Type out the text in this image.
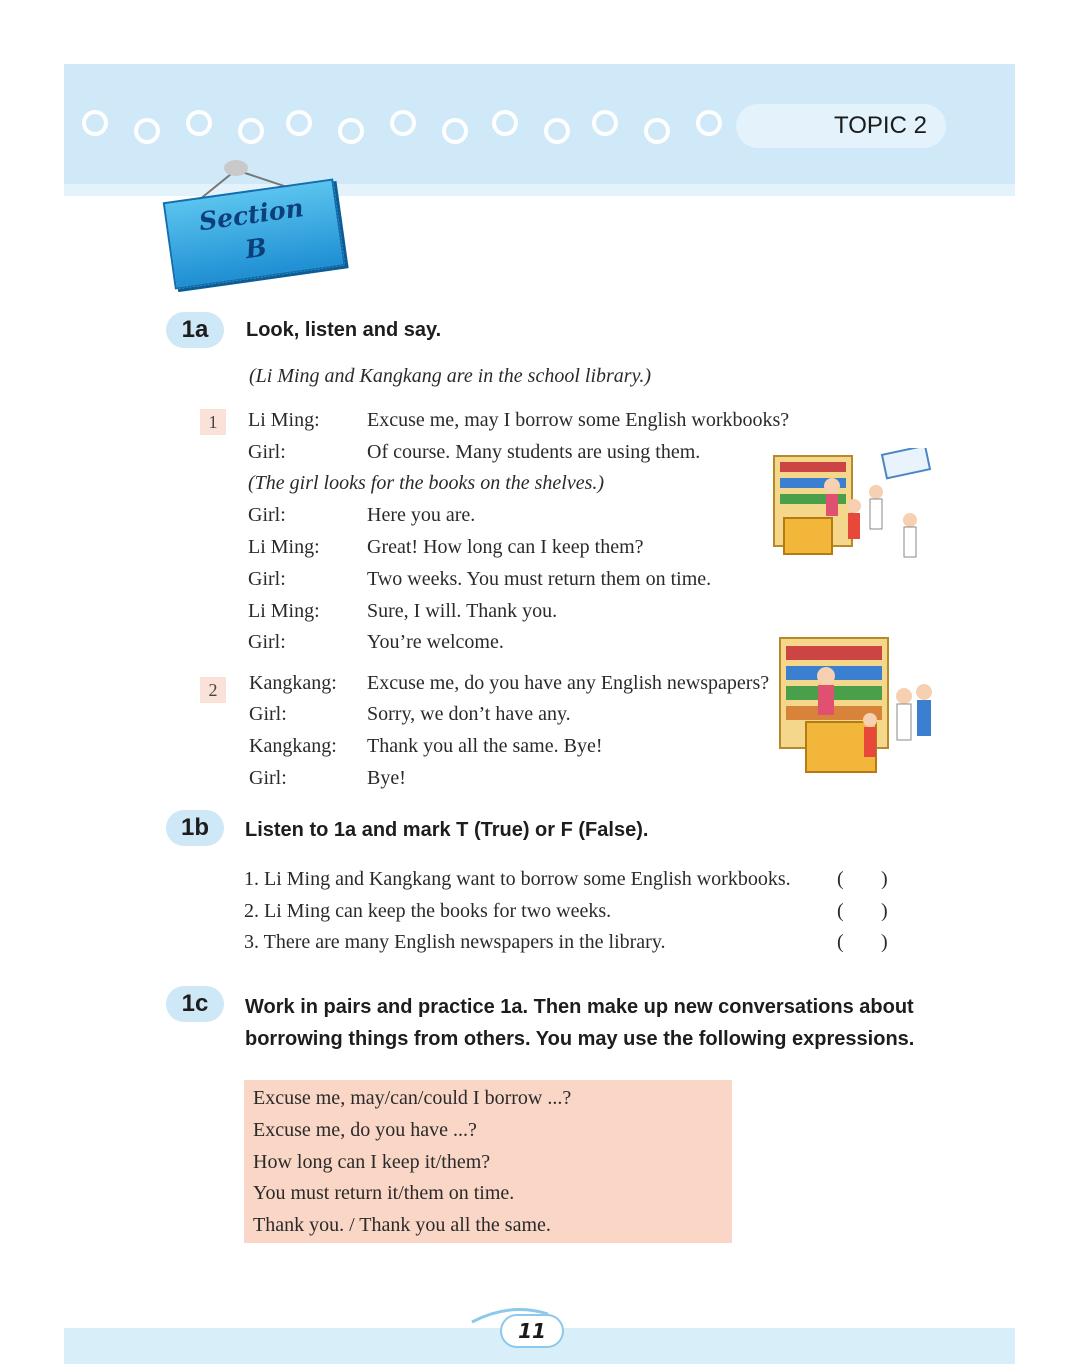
TOPIC 2
Section
B
1a	Look, listen and say.
(Li Ming and Kangkang are in the school library.)
1	Li Ming: Excuse me, may I borrow some English workbooks?
Girl:	Of course. Many students are using them.
(The girl looks for the books on the shelves.)
Girl:	Here you are.
Li Ming: Great! How long can I keep them?
Girl:	Two weeks. You must return them on time.
Li Ming: Sure, I will. Thank you.
Girl:	You’re welcome.
2	Kangkang: Excuse me, do you have any English newspapers?
Girl:	Sorry, we don’t have any.
Kangkang: Thank you all the same. Bye!
Girl:	Bye!
1b	Listen to 1a and mark T (True) or F (False).
1. Li Ming and Kangkang want to borrow some English workbooks. ( )
2. Li Ming can keep the books for two weeks.	( )
3. There are many English newspapers in the library.	( )
1c	Work in pairs and practice 1a. Then make up new conversations about
borrowing things from others. You may use the following expressions.
Excuse me, may/can/could I borrow ...?
Excuse me, do you have ...?
How long can I keep it/them?
You must return it/them on time.
Thank you. / Thank you all the same.
11
